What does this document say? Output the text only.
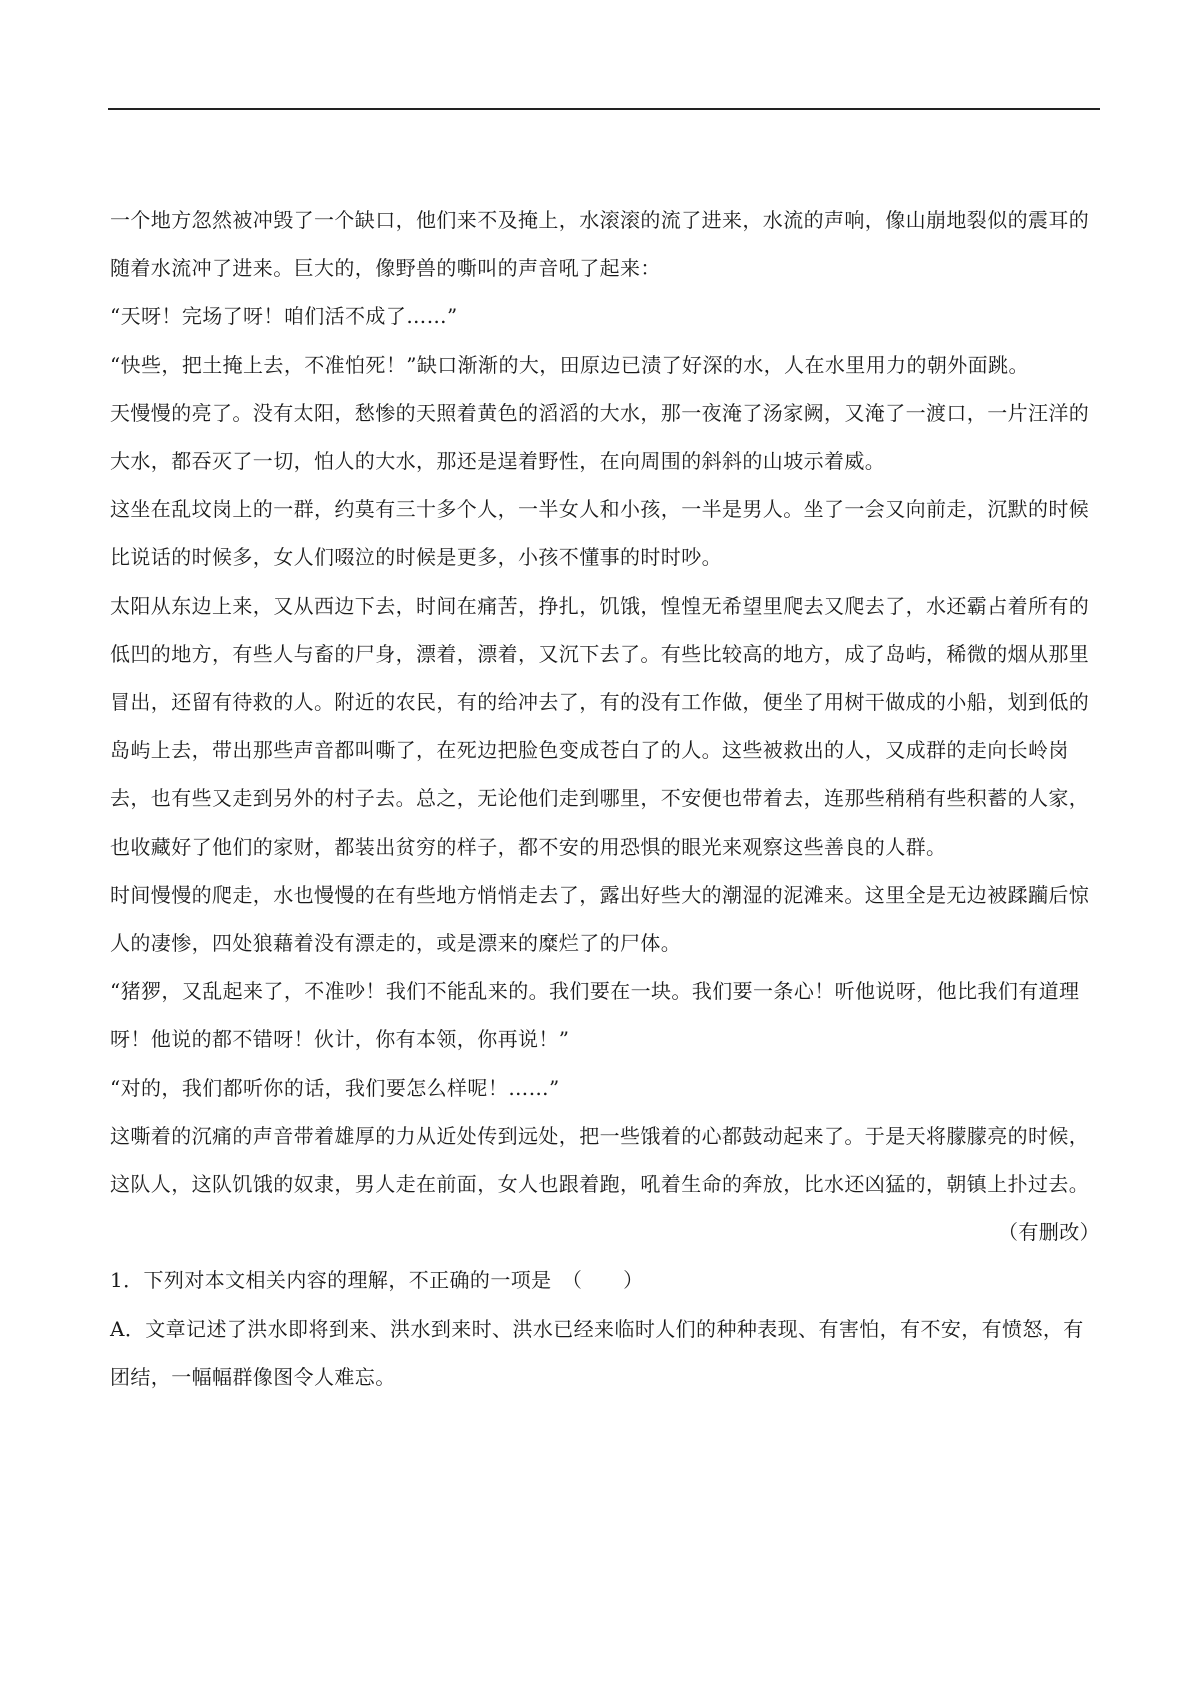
一个地方忽然被冲毁了一个缺口，他们来不及掩上，水滚滚的流了进来，水流的声响，像山崩地裂似的震耳的随着水流冲了进来。巨大的，像野兽的嘶叫的声音吼了起来：

“天呀！完场了呀！咱们活不成了……”

“快些，把土掩上去，不准怕死！”缺口渐渐的大，田原边已渍了好深的水，人在水里用力的朝外面跳。

天慢慢的亮了。没有太阳，愁惨的天照着黄色的滔滔的大水，那一夜淹了汤家阙，又淹了一渡口，一片汪洋的大水，都吞灭了一切，怕人的大水，那还是逞着野性，在向周围的斜斜的山坡示着威。

这坐在乱坟岗上的一群，约莫有三十多个人，一半女人和小孩，一半是男人。坐了一会又向前走，沉默的时候比说话的时候多，女人们啜泣的时候是更多，小孩不懂事的时时吵。

太阳从东边上来，又从西边下去，时间在痛苦，挣扎，饥饿，惶惶无希望里爬去又爬去了，水还霸占着所有的低凹的地方，有些人与畜的尸身，漂着，漂着，又沉下去了。有些比较高的地方，成了岛屿，稀微的烟从那里冒出，还留有待救的人。附近的农民，有的给冲去了，有的没有工作做，便坐了用树干做成的小船，划到低的岛屿上去，带出那些声音都叫嘶了，在死边把脸色变成苍白了的人。这些被救出的人，又成群的走向长岭岗去，也有些又走到另外的村子去。总之，无论他们走到哪里，不安便也带着去，连那些稍稍有些积蓄的人家，也收藏好了他们的家财，都装出贫穷的样子，都不安的用恐惧的眼光来观察这些善良的人群。

时间慢慢的爬走，水也慢慢的在有些地方悄悄走去了，露出好些大的潮湿的泥滩来。这里全是无边被蹂躏后惊人的凄惨，四处狼藉着没有漂走的，或是漂来的糜烂了的尸体。

“猪猡，又乱起来了，不准吵！我们不能乱来的。我们要在一块。我们要一条心！听他说呀，他比我们有道理呀！他说的都不错呀！伙计，你有本领，你再说！”

“对的，我们都听你的话，我们要怎么样呢！……”

这嘶着的沉痛的声音带着雄厚的力从近处传到远处，把一些饿着的心都鼓动起来了。于是天将朦朦亮的时候，这队人，这队饥饿的奴隶，男人走在前面，女人也跟着跑，吼着生命的奔放，比水还凶猛的，朝镇上扑过去。

（有删改）

1．下列对本文相关内容的理解，不正确的一项是　（　　）

A．文章记述了洪水即将到来、洪水到来时、洪水已经来临时人们的种种表现、有害怕，有不安，有愤怒，有团结，一幅幅群像图令人难忘。
